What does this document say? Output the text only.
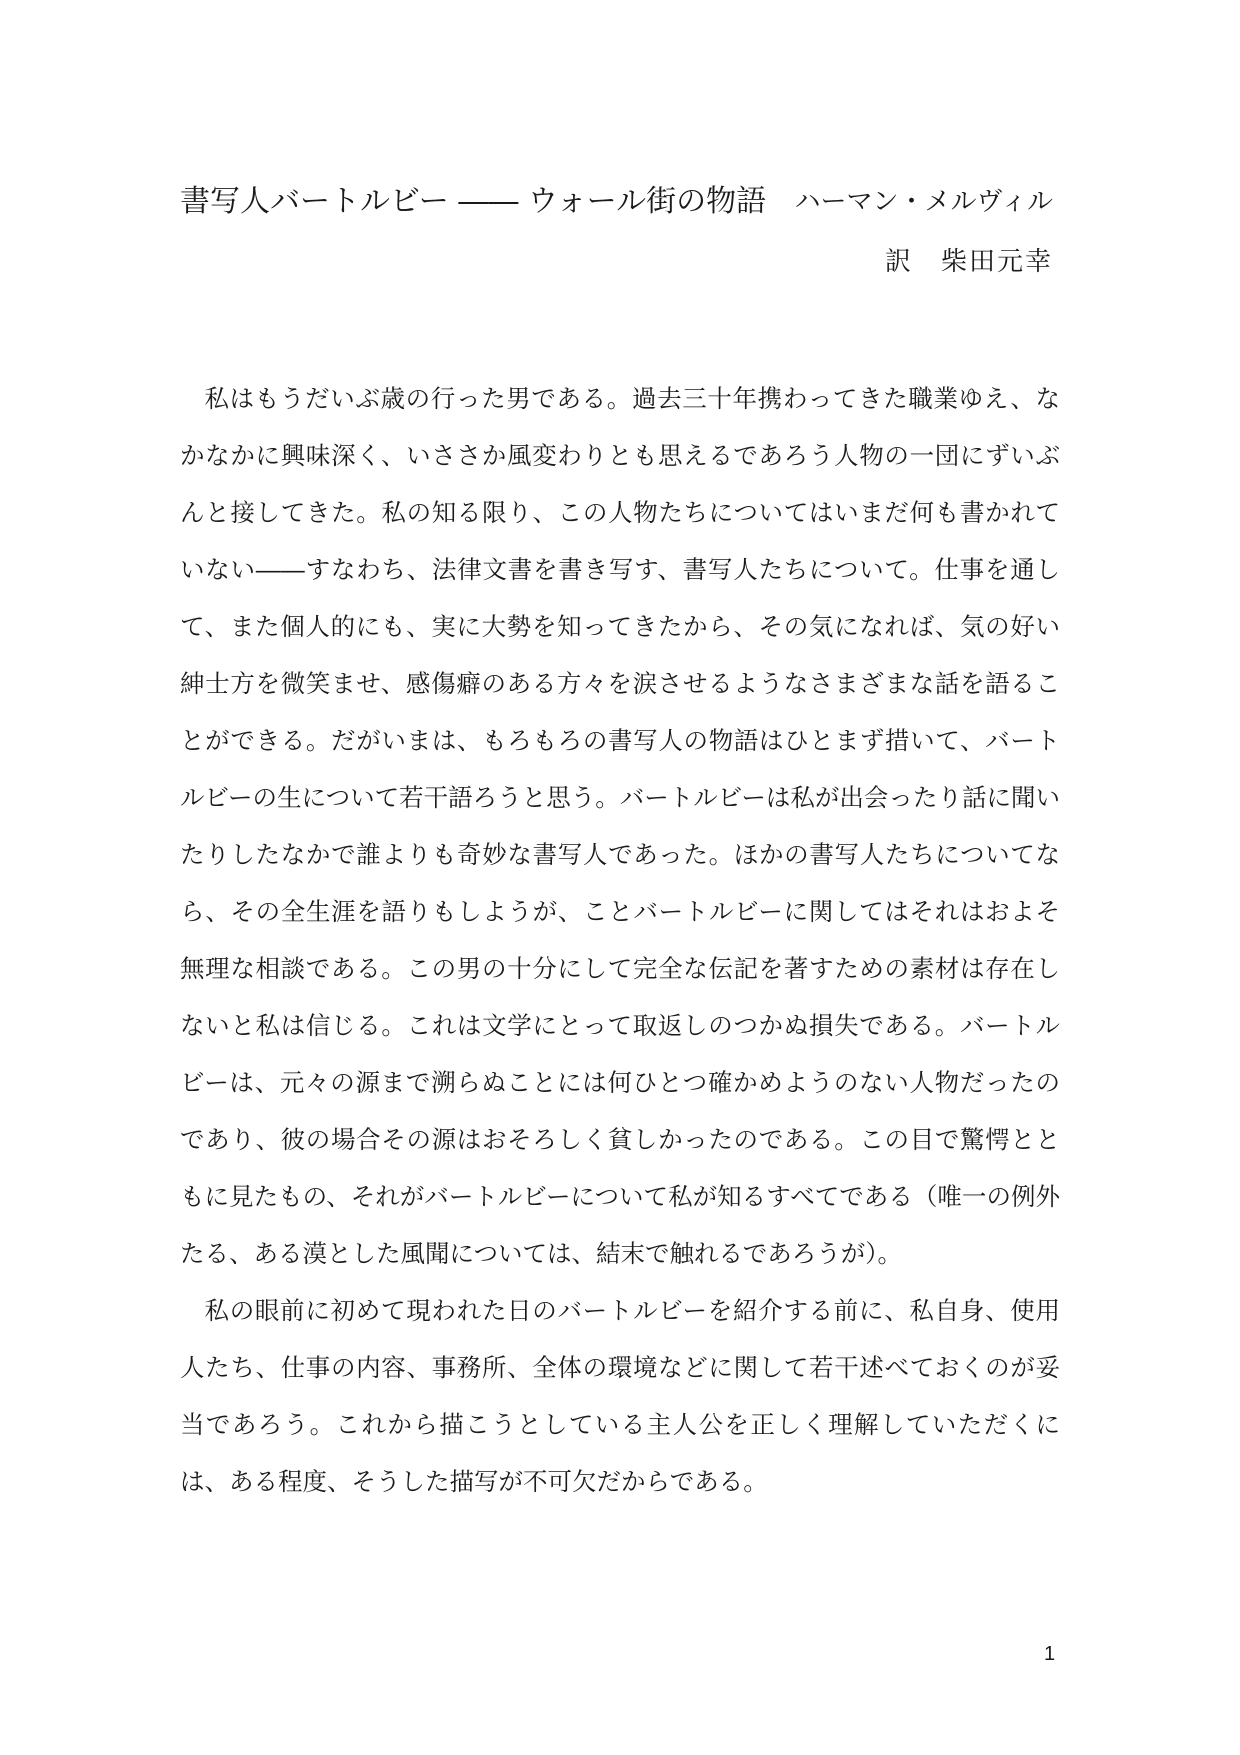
書写人バートルビー ―― ウォール街の物語 ハーマン・メルヴィル
訳　柴田元幸

私はもうだいぶ歳の行った男である。過去三十年携わってきた職業ゆえ、なかなかに興味深く、いささか風変わりとも思えるであろう人物の一団にずいぶんと接してきた。私の知る限り、この人物たちについてはいまだ何も書かれていない――すなわち、法律文書を書き写す、書写人たちについて。仕事を通して、また個人的にも、実に大勢を知ってきたから、その気になれば、気の好い紳士方を微笑ませ、感傷癖のある方々を涙させるようなさまざまな話を語ることができる。だがいまは、もろもろの書写人の物語はひとまず措いて、バートルビーの生について若干語ろうと思う。バートルビーは私が出会ったり話に聞いたりしたなかで誰よりも奇妙な書写人であった。ほかの書写人たちについてなら、その全生涯を語りもしようが、ことバートルビーに関してはそれはおよそ無理な相談である。この男の十分にして完全な伝記を著すための素材は存在しないと私は信じる。これは文学にとって取返しのつかぬ損失である。バートルビーは、元々の源まで溯らぬことには何ひとつ確かめようのない人物だったのであり、彼の場合その源はおそろしく貧しかったのである。この目で驚愕とともに見たもの、それがバートルビーについて私が知るすべてである（唯一の例外たる、ある漠とした風聞については、結末で触れるであろうが）。

私の眼前に初めて現われた日のバートルビーを紹介する前に、私自身、使用人たち、仕事の内容、事務所、全体の環境などに関して若干述べておくのが妥当であろう。これから描こうとしている主人公を正しく理解していただくには、ある程度、そうした描写が不可欠だからである。

1
